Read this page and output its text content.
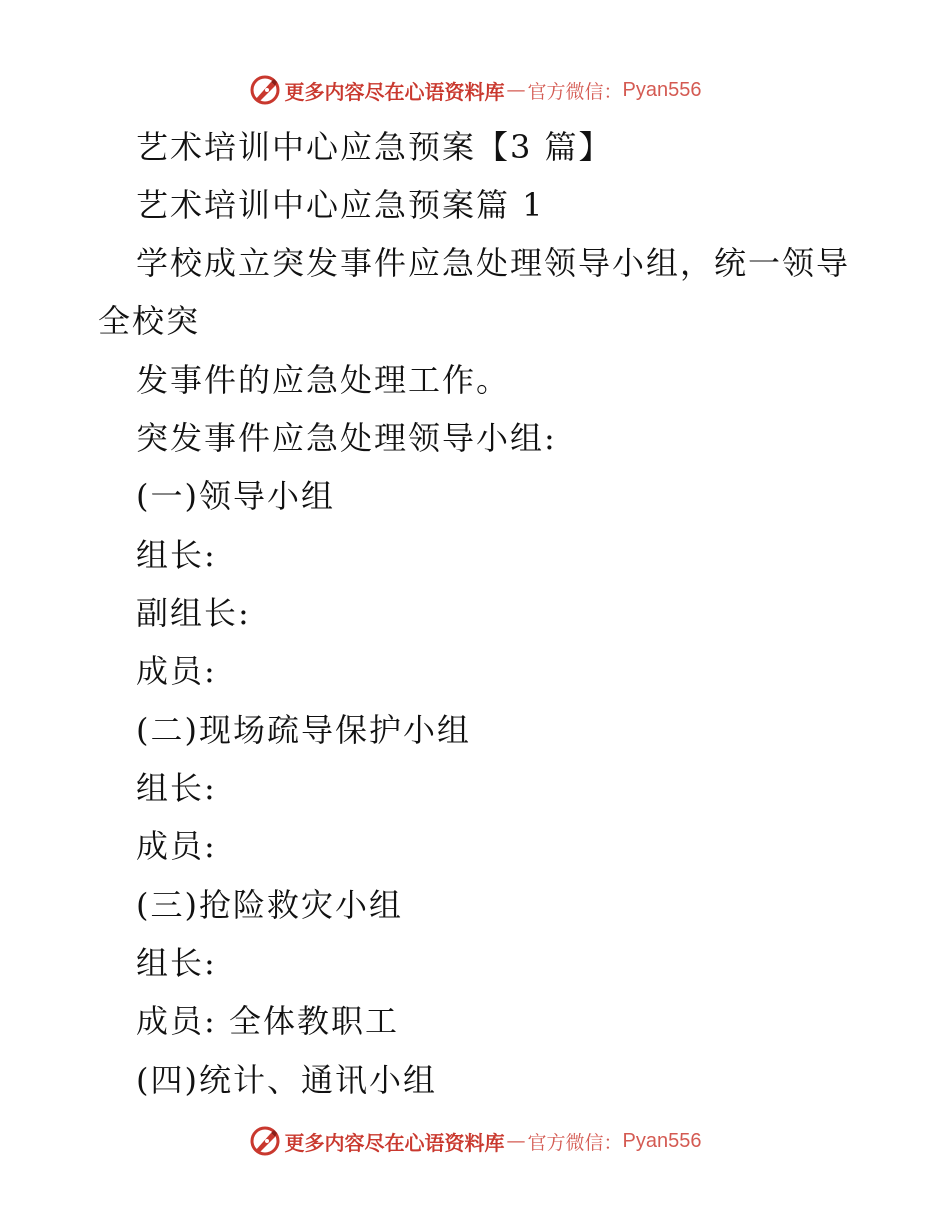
更多内容尽在心语资料库 — 官方微信： Pyan556
艺术培训中心应急预案【3 篇】
艺术培训中心应急预案篇 1
学校成立突发事件应急处理领导小组，统一领导
全校突
发事件的应急处理工作。
突发事件应急处理领导小组:
(一)领导小组
组长:
副组长:
成员:
(二)现场疏导保护小组
组长:
成员:
(三)抢险救灾小组
组长:
成员: 全体教职工
(四)统计、通讯小组
更多内容尽在心语资料库 — 官方微信： Pyan556
